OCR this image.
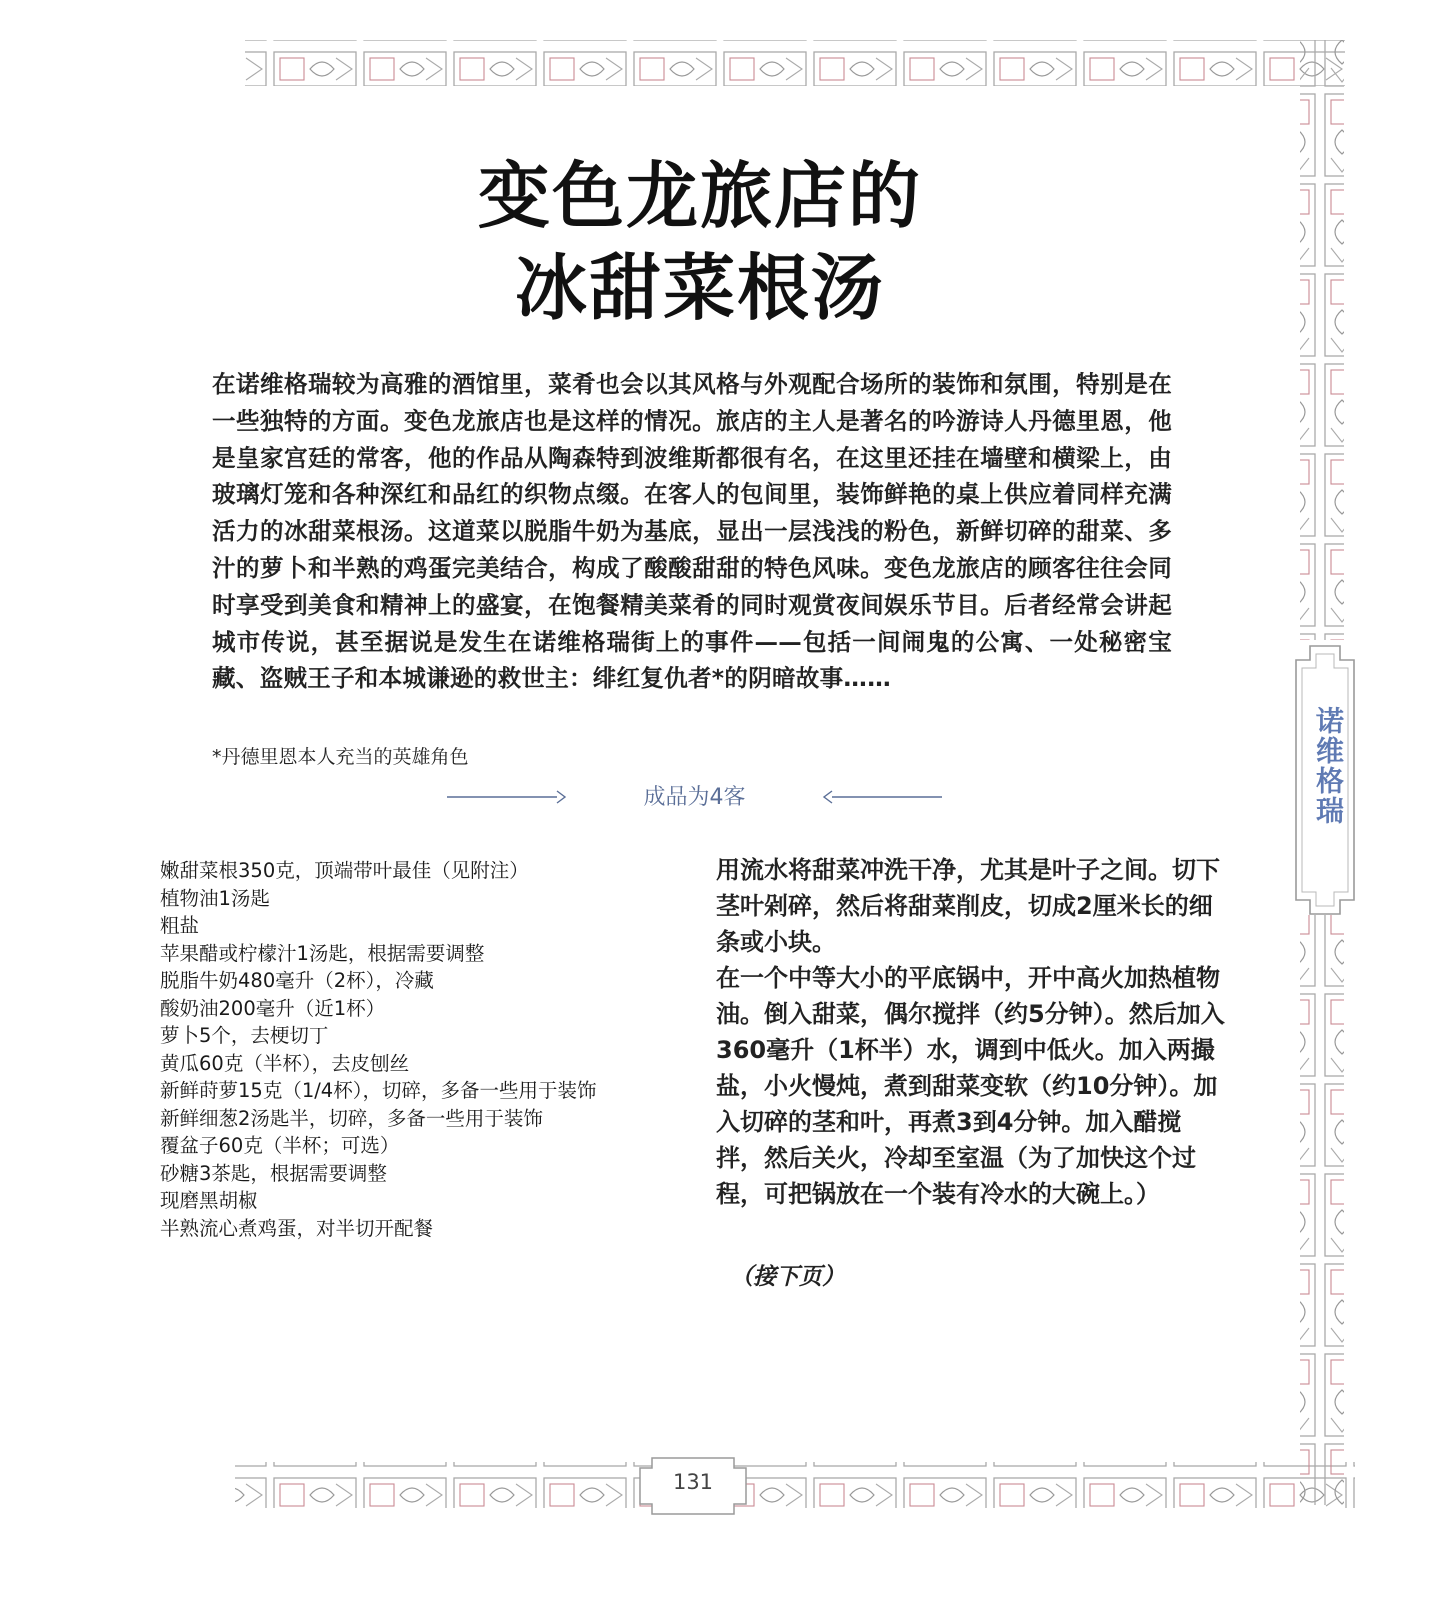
变色龙旅店的
冰甜菜根汤
在诺维格瑞较为高雅的酒馆里，菜肴也会以其风格与外观配合场所的装饰和氛围，特别是在一些独特的方面。变色龙旅店也是这样的情况。旅店的主人是著名的吟游诗人丹德里恩，他是皇家宫廷的常客，他的作品从陶森特到波维斯都很有名，在这里还挂在墙壁和横梁上，由玻璃灯笼和各种深红和品红的织物点缀。在客人的包间里，装饰鲜艳的桌上供应着同样充满活力的冰甜菜根汤。这道菜以脱脂牛奶为基底，显出一层浅浅的粉色，新鲜切碎的甜菜、多汁的萝卜和半熟的鸡蛋完美结合，构成了酸酸甜甜的特色风味。变色龙旅店的顾客往往会同时享受到美食和精神上的盛宴，在饱餐精美菜肴的同时观赏夜间娱乐节目。后者经常会讲起城市传说，甚至据说是发生在诺维格瑞街上的事件——包括一间闹鬼的公寓、一处秘密宝藏、盗贼王子和本城谦逊的救世主：绯红复仇者*的阴暗故事……
*丹德里恩本人充当的英雄角色
成品为4客
嫩甜菜根350克，顶端带叶最佳（见附注）
植物油1汤匙
粗盐
苹果醋或柠檬汁1汤匙，根据需要调整
脱脂牛奶480毫升（2杯），冷藏
酸奶油200毫升（近1杯）
萝卜5个，去梗切丁
黄瓜60克（半杯），去皮刨丝
新鲜莳萝15克（1/4杯），切碎，多备一些用于装饰
新鲜细葱2汤匙半，切碎，多备一些用于装饰
覆盆子60克（半杯；可选）
砂糖3茶匙，根据需要调整
现磨黑胡椒
半熟流心煮鸡蛋，对半切开配餐

用流水将甜菜冲洗干净，尤其是叶子之间。切下茎叶剁碎，然后将甜菜削皮，切成2厘米长的细条或小块。

在一个中等大小的平底锅中，开中高火加热植物油。倒入甜菜，偶尔搅拌（约5分钟）。然后加入360毫升（1杯半）水，调到中低火。加入两撮盐，小火慢炖，煮到甜菜变软（约10分钟）。加入切碎的茎和叶，再煮3到4分钟。加入醋搅拌，然后关火，冷却至室温（为了加快这个过程，可把锅放在一个装有冷水的大碗上。）

（接下页）
诺维格瑞
131
